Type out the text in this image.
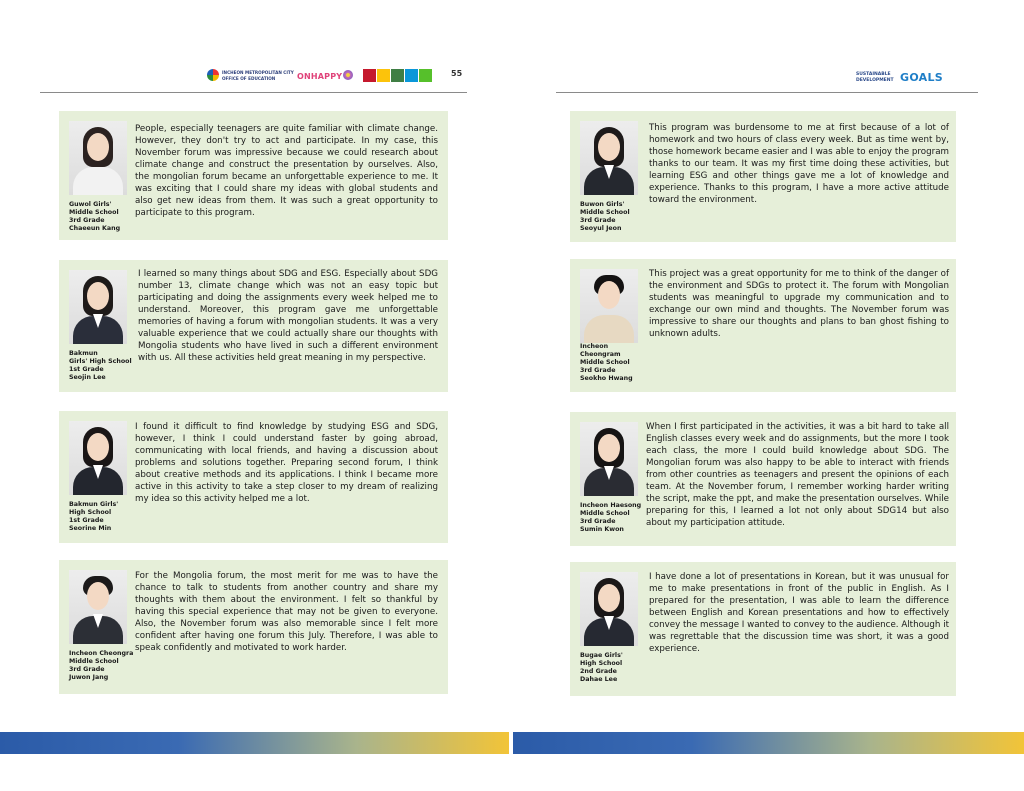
INCHEON METROPOLITAN CITY
OFFICE OF EDUCATION	ONHAPPY	55	SUSTAINABLE
DEVELOPMENT GOALS
Guwol Girls'
Middle School
3rd Grade
Chaeeun Kang
People, especially teenagers are quite familiar with climate change. However, they don't try to act and participate. In my case, this November forum was impressive because we could research about climate change and construct the presentation by ourselves. Also, the mongolian forum became an unforgettable experience to me. It was exciting that I could share my ideas with global students and also get new ideas from them. It was such a great opportunity to participate to this program.
Bakmun
Girls' High School
1st Grade
Seojin Lee
I learned so many things about SDG and ESG. Especially about SDG number 13, climate change which was not an easy topic but participating and doing the assignments every week helped me to understand. Moreover, this program gave me unforgettable memories of having a forum with mongolian students. It was a very valuable experience that we could actually share our thoughts with Mongolia students who have lived in such a different environment with us. All these activities held great meaning in my perspective.
Bakmun Girls'
High School
1st Grade
Seorine Min
I found it difficult to find knowledge by studying ESG and SDG, however, I think I could understand faster by going abroad, communicating with local friends, and having a discussion about problems and solutions together. Preparing second forum, I think about creative methods and its applications. I think I became more active in this activity to take a step closer to my dream of realizing my idea so this activity helped me a lot.
Incheon Cheongra
Middle School
3rd Grade
Juwon Jang
For the Mongolia forum, the most merit for me was to have the chance to talk to students from another country and share my thoughts with them about the environment. I felt so thankful by having this special experience that may not be given to everyone. Also, the November forum was also memorable since I felt more confident after having one forum this July. Therefore, I was able to speak confidently and motivated to work harder.
Buwon Girls'
Middle School
3rd Grade
Seoyul Jeon
This program was burdensome to me at first because of a lot of homework and two hours of class every week. But as time went by, those homework became easier and I was able to enjoy the program thanks to our team. It was my first time doing these activities, but learning ESG and other things gave me a lot of knowledge and experience. Thanks to this program, I have a more active attitude toward the environment.
Incheon
Cheongram
Middle School
3rd Grade
Seokho Hwang
This project was a great opportunity for me to think of the danger of the environment and SDGs to protect it. The forum with Mongolian students was meaningful to upgrade my communication and to exchange our own mind and thoughts. The November forum was impressive to share our thoughts and plans to ban ghost fishing to unknown adults.
Incheon Haesong
Middle School
3rd Grade
Sumin Kwon
When I first participated in the activities, it was a bit hard to take all English classes every week and do assignments, but the more I took each class, the more I could build knowledge about SDG. The Mongolian forum was also happy to be able to interact with friends from other countries as teenagers and present the opinions of each team. At the November forum, I remember working harder writing the script, make the ppt, and make the presentation ourselves. While preparing for this, I learned a lot not only about SDG14 but also about my participation attitude.
Bugae Girls'
High School
2nd Grade
Dahae Lee
I have done a lot of presentations in Korean, but it was unusual for me to make presentations in front of the public in English. As I prepared for the presentation, I was able to learn the difference between English and Korean presentations and how to effectively convey the message I wanted to convey to the audience. Although it was regrettable that the discussion time was short, it was a good experience.
